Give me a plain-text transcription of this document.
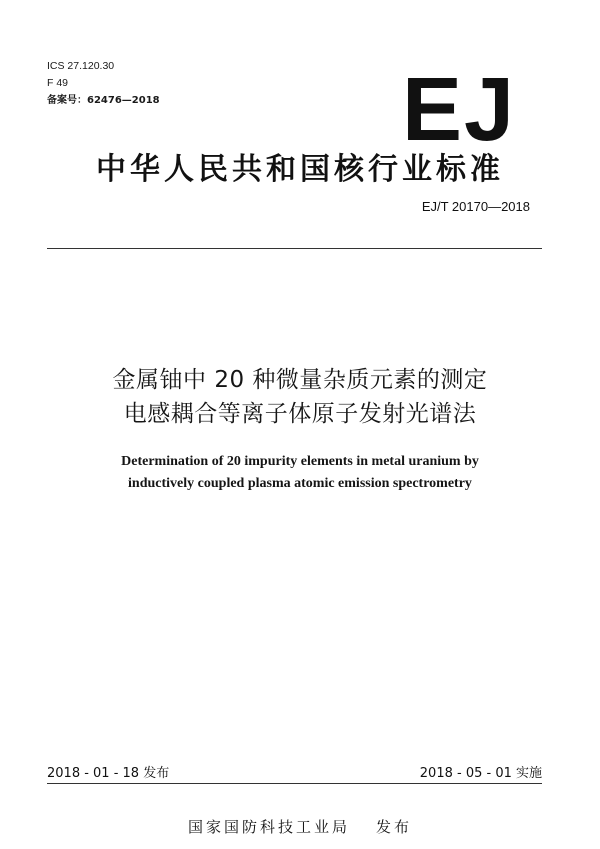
ICS 27.120.30
F 49
备案号：62476—2018	EJ
中华人民共和国核行业标准
EJ/T 20170—2018
金属铀中 20 种微量杂质元素的测定
电感耦合等离子体原子发射光谱法
Determination of 20 impurity elements in metal uranium by
inductively coupled plasma atomic emission spectrometry
2018 - 01 - 18 发布	2018 - 05 - 01 实施
国家国防科技工业局 发布
